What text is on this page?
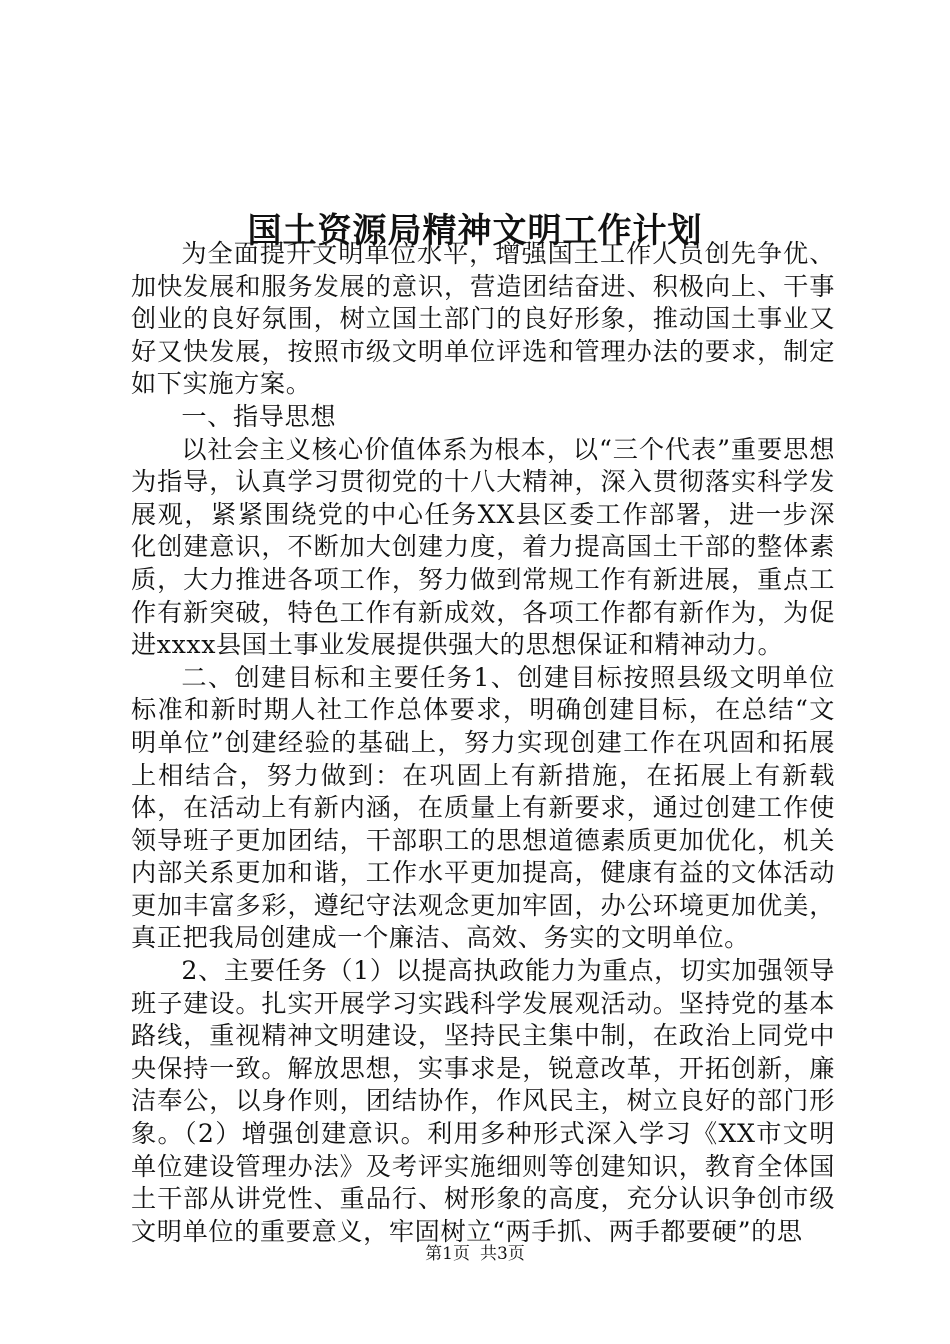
国土资源局精神文明工作计划

为全面提升文明单位水平，增强国土工作人员创先争优、加快发展和服务发展的意识，营造团结奋进、积极向上、干事创业的良好氛围，树立国土部门的良好形象，推动国土事业又好又快发展，按照市级文明单位评选和管理办法的要求，制定如下实施方案。

一、指导思想

以社会主义核心价值体系为根本，以“三个代表”重要思想为指导，认真学习贯彻党的十八大精神，深入贯彻落实科学发展观，紧紧围绕党的中心任务XX县区委工作部署，进一步深化创建意识，不断加大创建力度，着力提高国土干部的整体素质，大力推进各项工作，努力做到常规工作有新进展，重点工作有新突破，特色工作有新成效，各项工作都有新作为，为促进xxxx县国土事业发展提供强大的思想保证和精神动力。

二、创建目标和主要任务1、创建目标按照县级文明单位标准和新时期人社工作总体要求，明确创建目标，在总结“文明单位”创建经验的基础上，努力实现创建工作在巩固和拓展上相结合，努力做到：在巩固上有新措施，在拓展上有新载体，在活动上有新内涵，在质量上有新要求，通过创建工作使领导班子更加团结，干部职工的思想道德素质更加优化，机关内部关系更加和谐，工作水平更加提高，健康有益的文体活动更加丰富多彩，遵纪守法观念更加牢固，办公环境更加优美，真正把我局创建成一个廉洁、高效、务实的文明单位。

2、主要任务（1）以提高执政能力为重点，切实加强领导班子建设。扎实开展学习实践科学发展观活动。坚持党的基本路线，重视精神文明建设，坚持民主集中制，在政治上同党中央保持一致。解放思想，实事求是，锐意改革，开拓创新，廉洁奉公，以身作则，团结协作，作风民主，树立良好的部门形象。（2）增强创建意识。利用多种形式深入学习《XX市文明单位建设管理办法》及考评实施细则等创建知识，教育全体国土干部从讲党性、重品行、树形象的高度，充分认识争创市级文明单位的重要意义，牢固树立“两手抓、两手都要硬”的思

第1页 共3页
